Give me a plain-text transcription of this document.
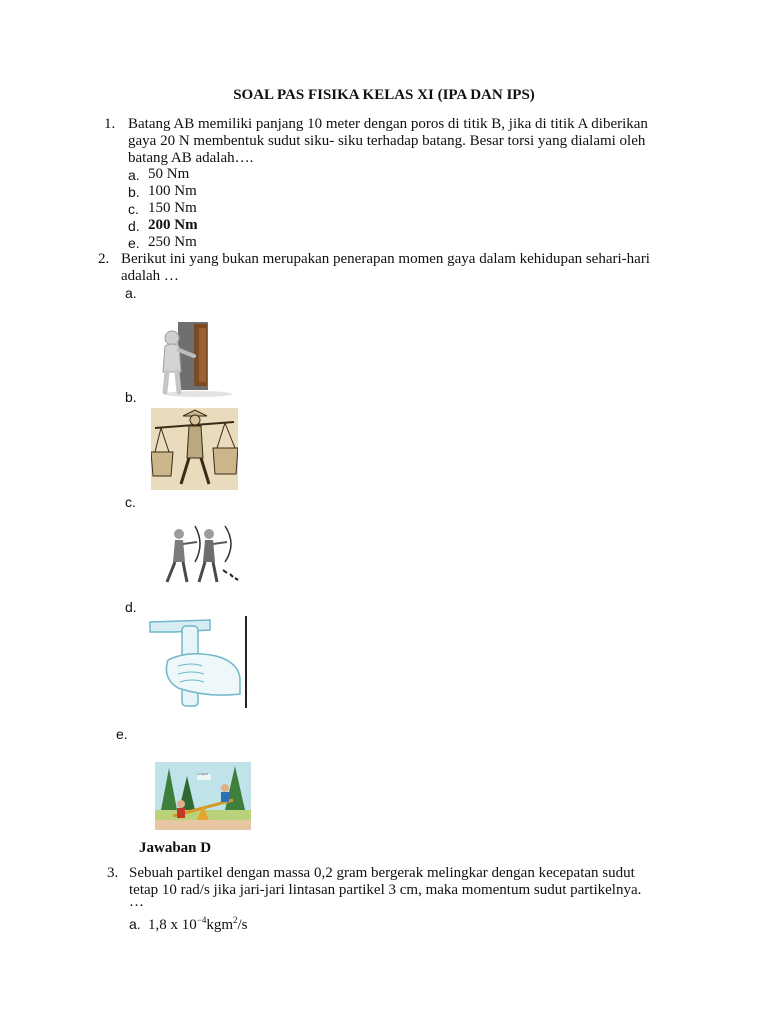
SOAL PAS FISIKA KELAS XI (IPA DAN IPS)
1. Batang AB memiliki panjang 10 meter dengan poros di titik B, jika di titik A diberikan
gaya 20 N membentuk sudut siku- siku terhadap batang. Besar torsi yang dialami oleh
batang AB adalah….
a. 50 Nm
b. 100 Nm
c. 150 Nm
d. 200 Nm
e. 250 Nm
2. Berikut ini yang bukan merupakan penerapan momen gaya dalam kehidupan sehari-hari
adalah …
a.
b.
c.
d.
e.
jungkat
Jawaban D
3. Sebuah partikel dengan massa 0,2 gram bergerak melingkar dengan kecepatan sudut
tetap 10 rad/s jika jari-jari lintasan partikel 3 cm, maka momentum sudut partikelnya.
…
a. 1,8 x $10^{-4}kgm^2/s$
